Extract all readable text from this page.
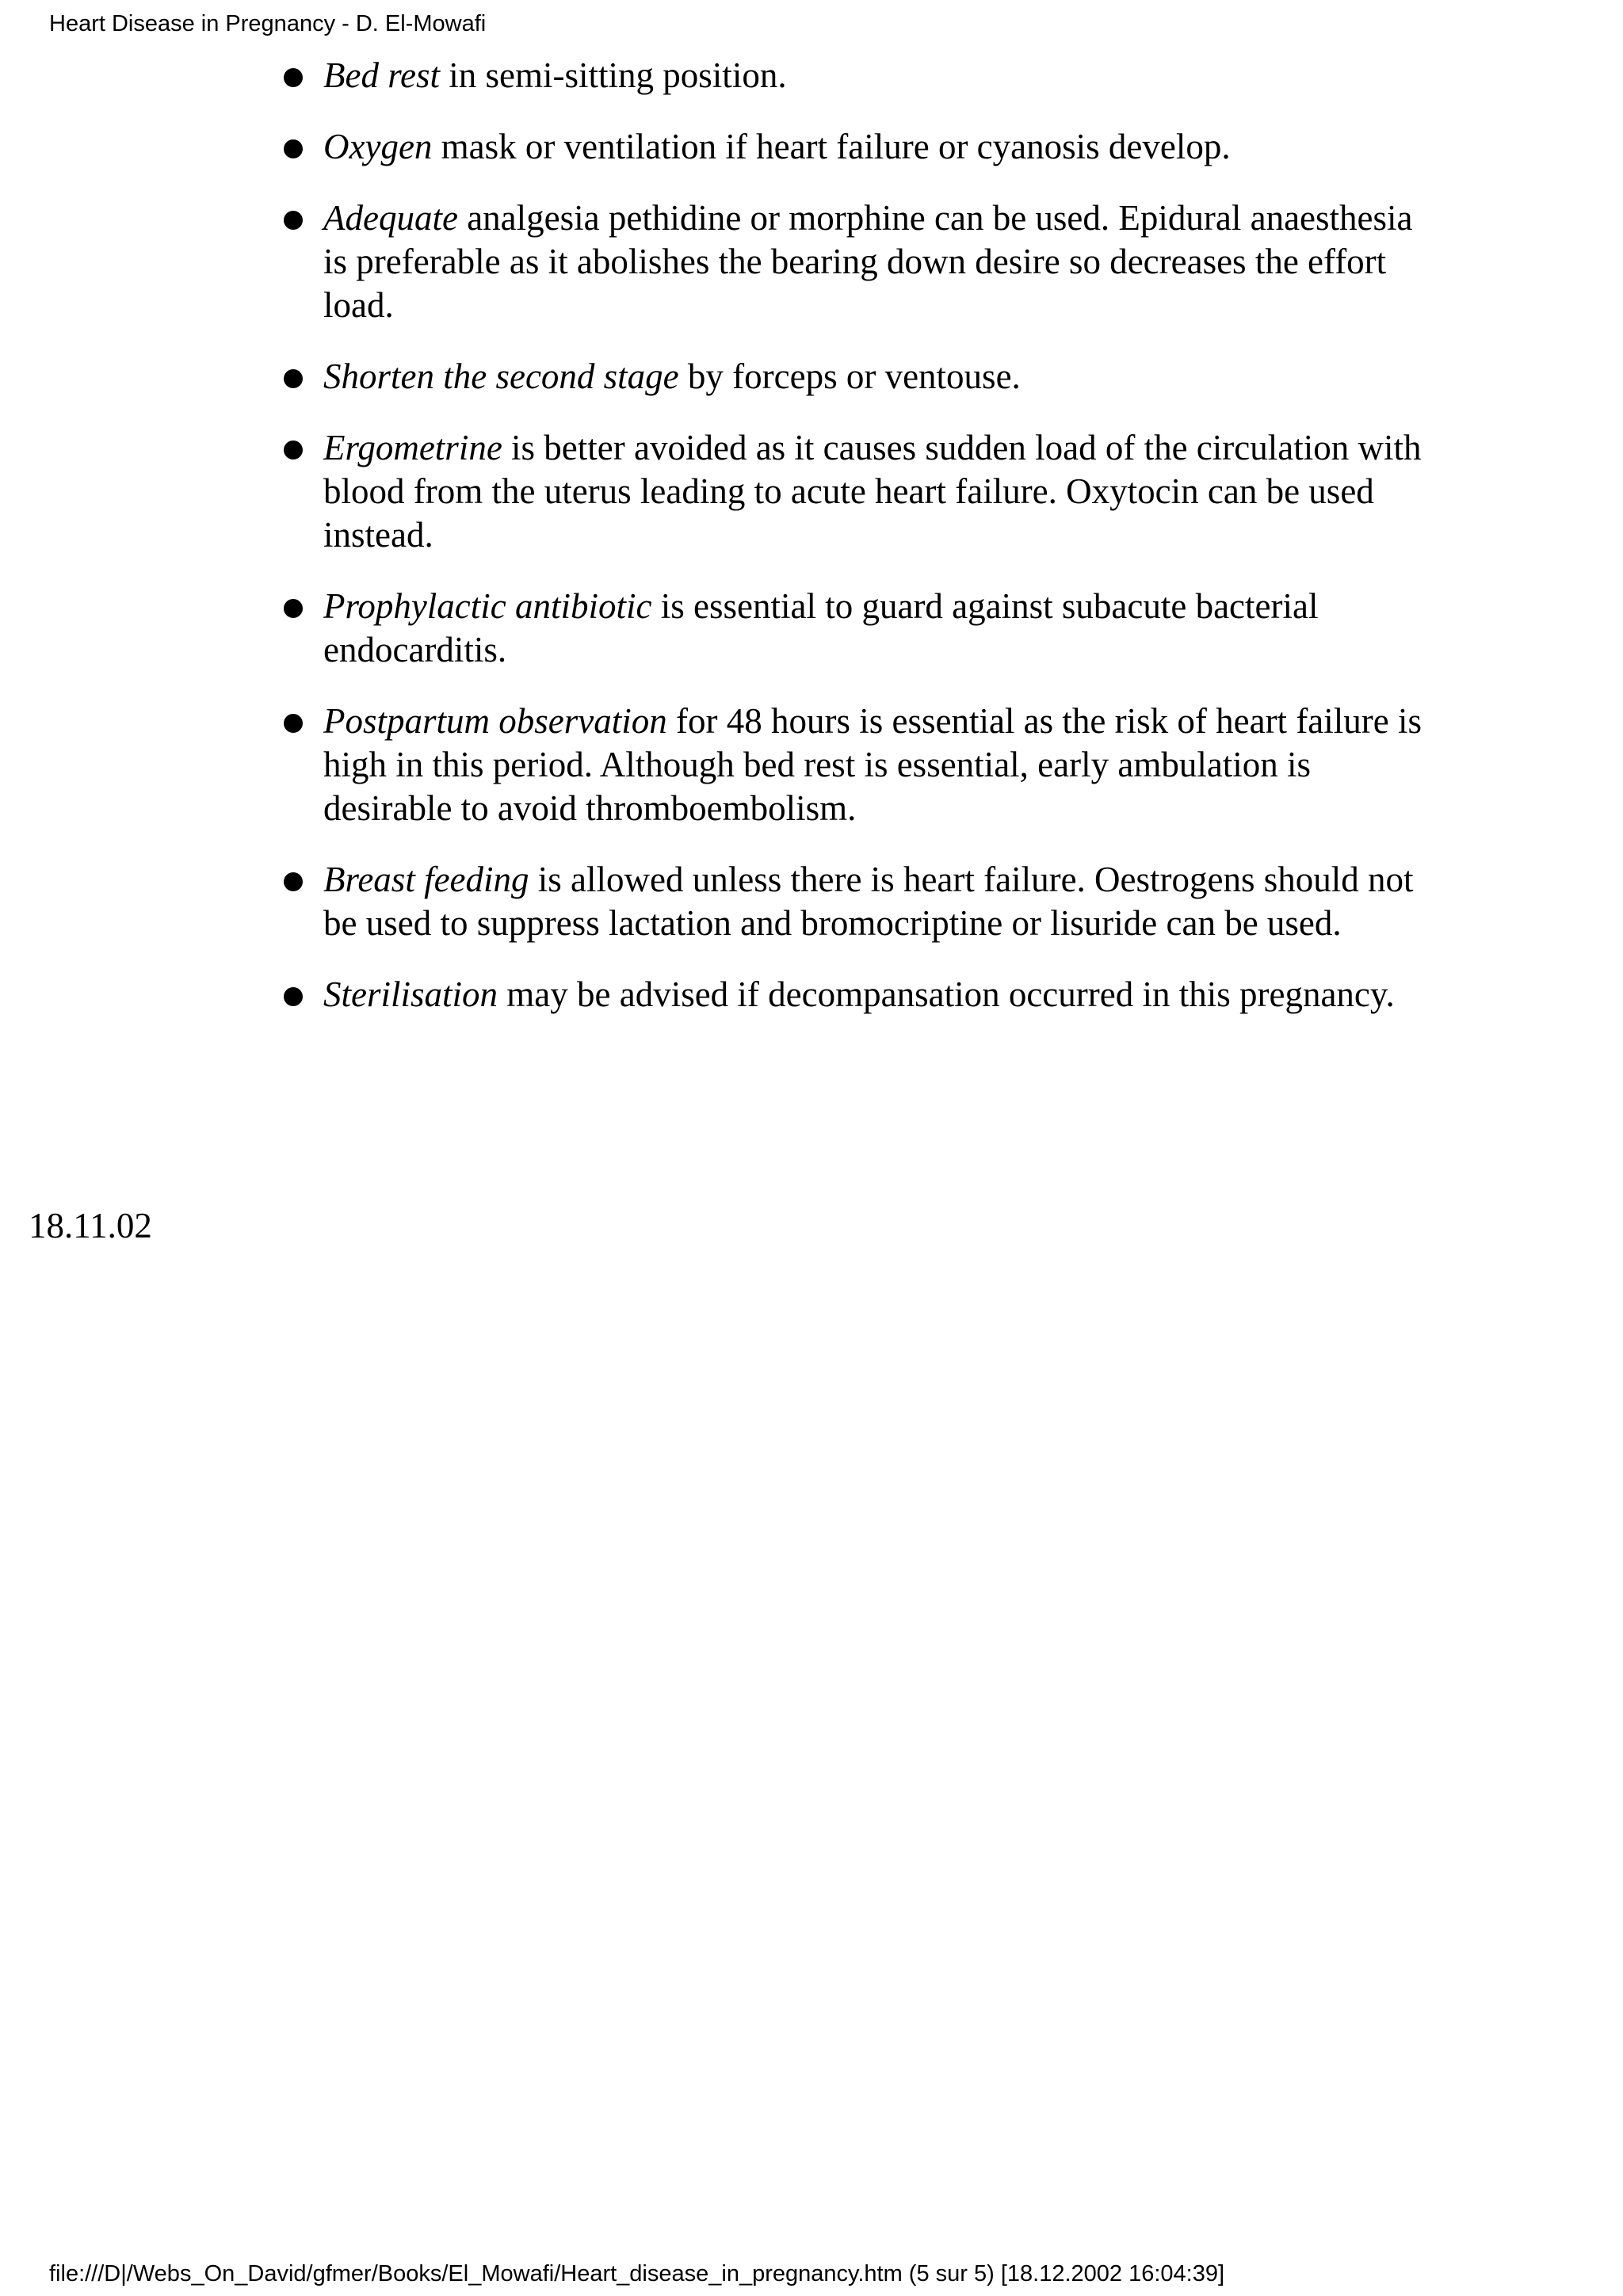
Heart Disease in Pregnancy - D. El-Mowafi
Bed rest in semi-sitting position.
Oxygen mask or ventilation if heart failure or cyanosis develop.
Adequate analgesia pethidine or morphine can be used. Epidural anaesthesia is preferable as it abolishes the bearing down desire so decreases the effort load.
Shorten the second stage by forceps or ventouse.
Ergometrine is better avoided as it causes sudden load of the circulation with blood from the uterus leading to acute heart failure. Oxytocin can be used instead.
Prophylactic antibiotic is essential to guard against subacute bacterial endocarditis.
Postpartum observation for 48 hours is essential as the risk of heart failure is high in this period. Although bed rest is essential, early ambulation is desirable to avoid thromboembolism.
Breast feeding is allowed unless there is heart failure. Oestrogens should not be used to suppress lactation and bromocriptine or lisuride can be used.
Sterilisation may be advised if decompansation occurred in this pregnancy.
18.11.02
file:///D|/Webs_On_David/gfmer/Books/El_Mowafi/Heart_disease_in_pregnancy.htm (5 sur 5) [18.12.2002 16:04:39]
